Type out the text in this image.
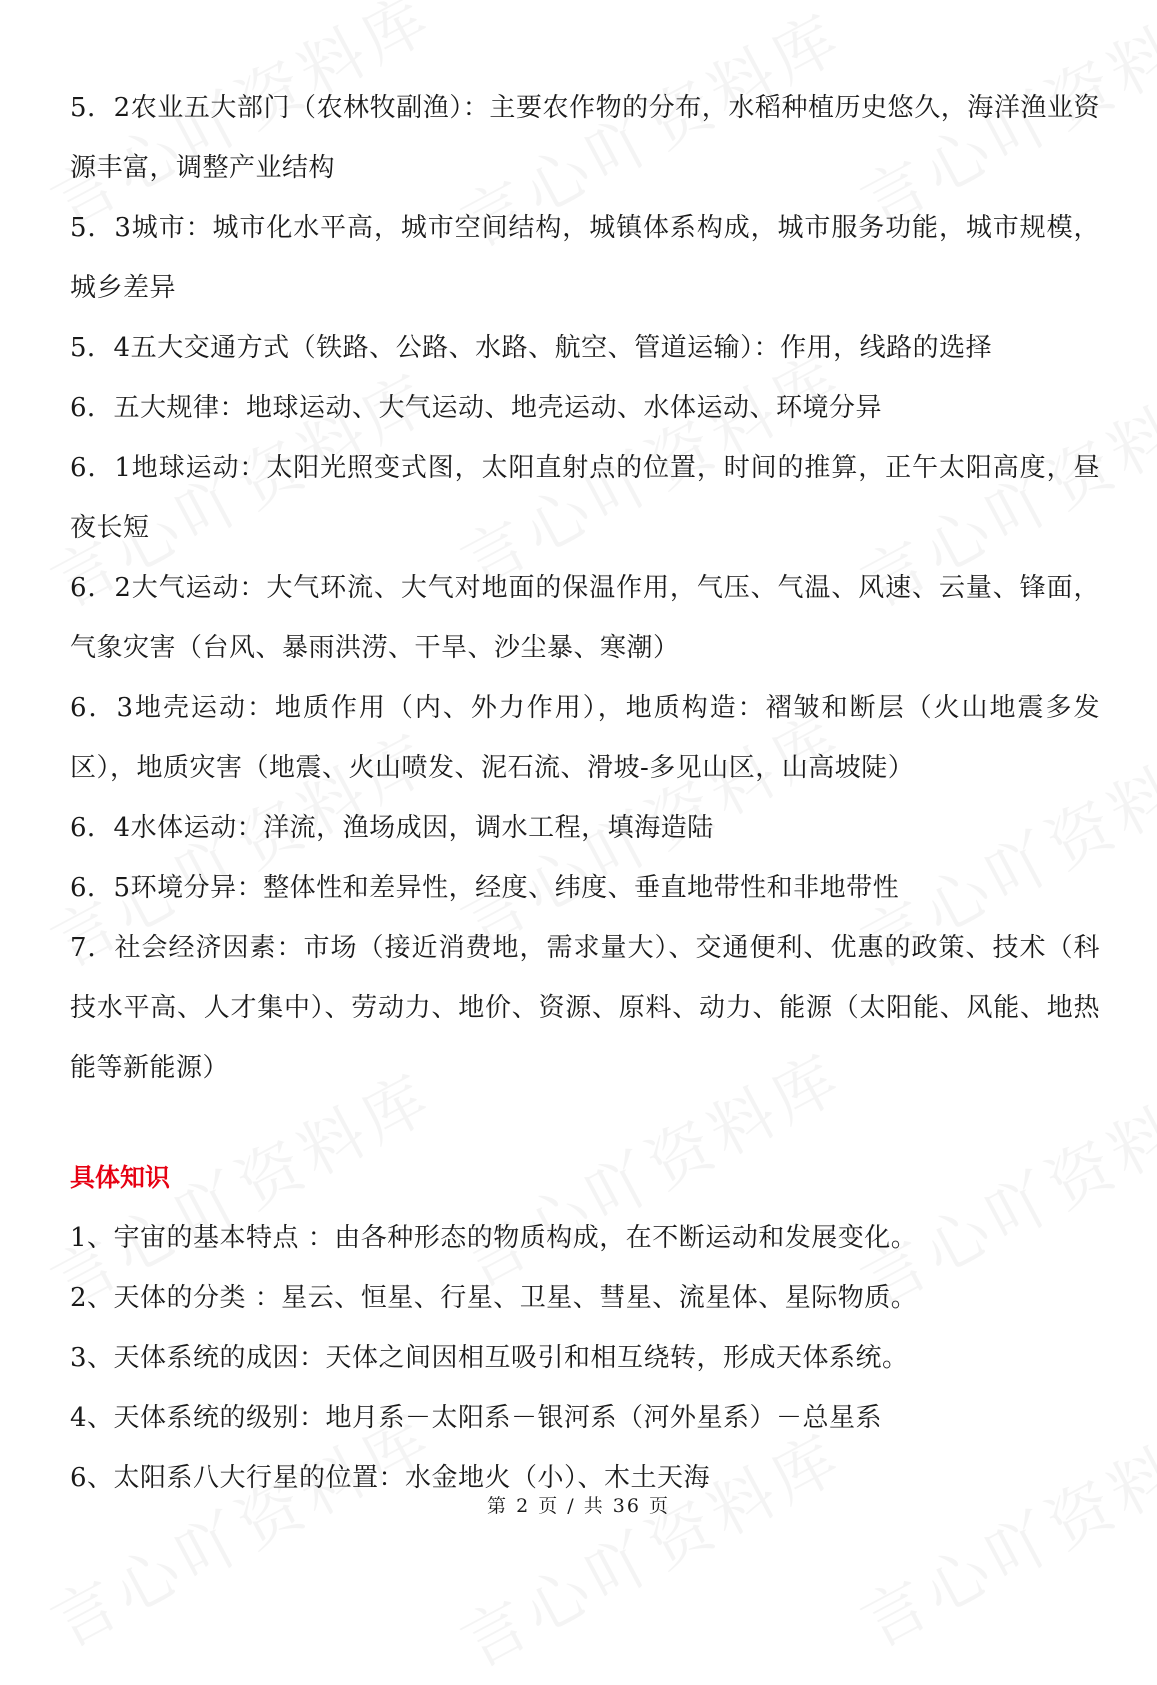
5．2农业五大部门（农林牧副渔）：主要农作物的分布，水稻种植历史悠久，海洋渔业资源丰富，调整产业结构

5．3城市：城市化水平高，城市空间结构，城镇体系构成，城市服务功能，城市规模，城乡差异

5．4五大交通方式（铁路、公路、水路、航空、管道运输）：作用，线路的选择

6．五大规律：地球运动、大气运动、地壳运动、水体运动、环境分异

6．1地球运动：太阳光照变式图，太阳直射点的位置，时间的推算，正午太阳高度，昼夜长短

6．2大气运动：大气环流、大气对地面的保温作用，气压、气温、风速、云量、锋面，气象灾害（台风、暴雨洪涝、干旱、沙尘暴、寒潮）

6．3地壳运动：地质作用（内、外力作用），地质构造：褶皱和断层（火山地震多发区），地质灾害（地震、火山喷发、泥石流、滑坡-多见山区，山高坡陡）

6．4水体运动：洋流，渔场成因，调水工程，填海造陆

6．5环境分异：整体性和差异性，经度、纬度、垂直地带性和非地带性

7．社会经济因素：市场（接近消费地，需求量大）、交通便利、优惠的政策、技术（科技水平高、人才集中）、劳动力、地价、资源、原料、动力、能源（太阳能、风能、地热能等新能源）

具体知识

1、宇宙的基本特点 ：由各种形态的物质构成，在不断运动和发展变化。

2、天体的分类 ：星云、恒星、行星、卫星、彗星、流星体、星际物质。

3、天体系统的成因：天体之间因相互吸引和相互绕转，形成天体系统。

4、天体系统的级别：地月系－太阳系－银河系（河外星系）－总星系

6、太阳系八大行星的位置：水金地火（小）、木土天海

第 2 页 / 共 36 页
